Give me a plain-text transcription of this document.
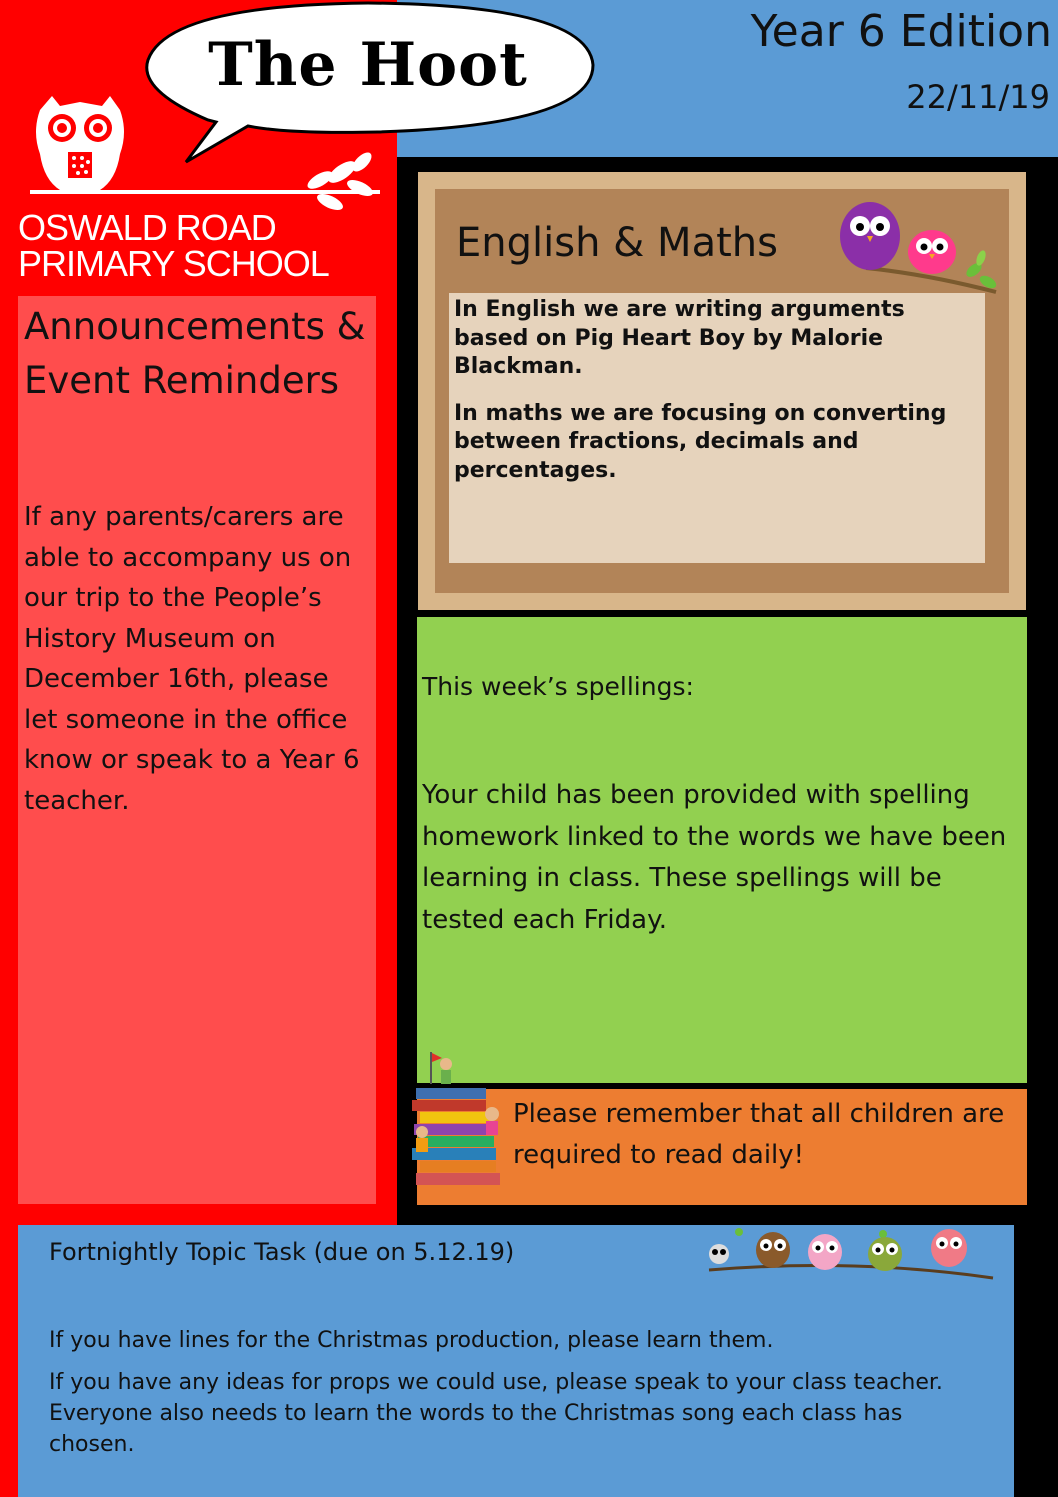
Year 6 Edition
22/11/19
The Hoot
OSWALD ROAD
PRIMARY SCHOOL
Announcements &
Event Reminders
If any parents/carers are able to accompany us on our trip to the People’s History Museum on December 16th, please let someone in the office know or speak to a Year 6 teacher.
English & Maths

In English we are writing arguments based on Pig Heart Boy by Malorie Blackman.

In maths we are focusing on converting between fractions, decimals and percentages.

This week’s spellings:
Your child has been provided with spelling homework linked to the words we have been learning in class. These spellings will be tested each Friday.
Please remember that all children are required to read daily!
Fortnightly Topic Task (due on 5.12.19)

If you have lines for the Christmas production, please learn them.

If you have any ideas for props we could use, please speak to your class teacher. Everyone also needs to learn the words to the Christmas song each class has chosen.
